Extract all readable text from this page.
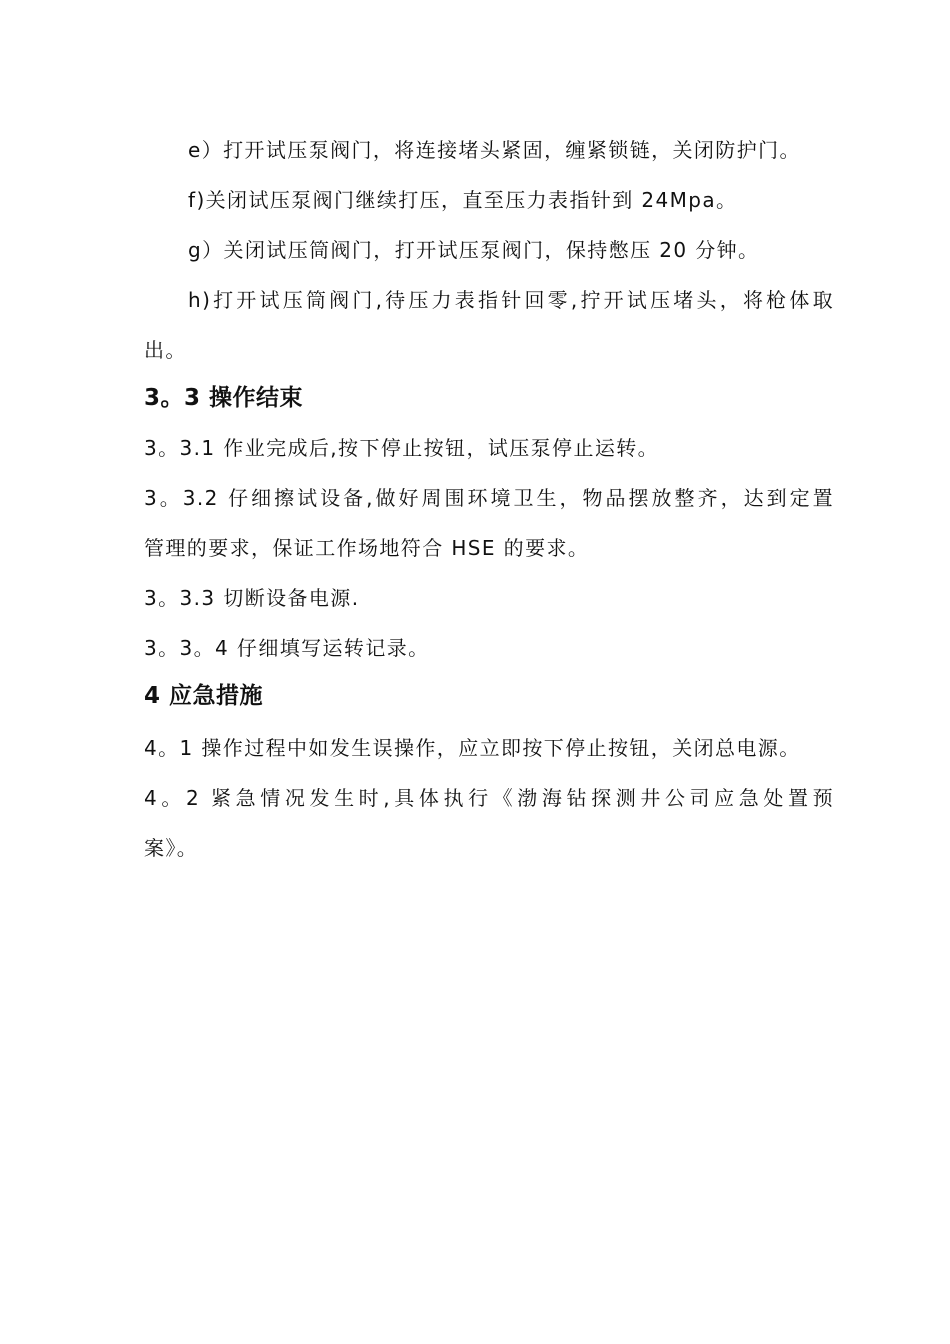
e）打开试压泵阀门，将连接堵头紧固，缠紧锁链，关闭防护门。
f)关闭试压泵阀门继续打压，直至压力表指针到 24Mpa。
g）关闭试压筒阀门，打开试压泵阀门，保持憋压 20 分钟。
h)打开试压筒阀门,待压力表指针回零,拧开试压堵头，将枪体取
出。
3。3 操作结束
3。3.1 作业完成后,按下停止按钮，试压泵停止运转。
3。3.2 仔细擦试设备,做好周围环境卫生，物品摆放整齐，达到定置
管理的要求，保证工作场地符合 HSE 的要求。
3。3.3 切断设备电源.
3。3。4 仔细填写运转记录。
4 应急措施
4。1 操作过程中如发生误操作，应立即按下停止按钮，关闭总电源。
4。2 紧急情况发生时,具体执行《渤海钻探测井公司应急处置预
案》。
